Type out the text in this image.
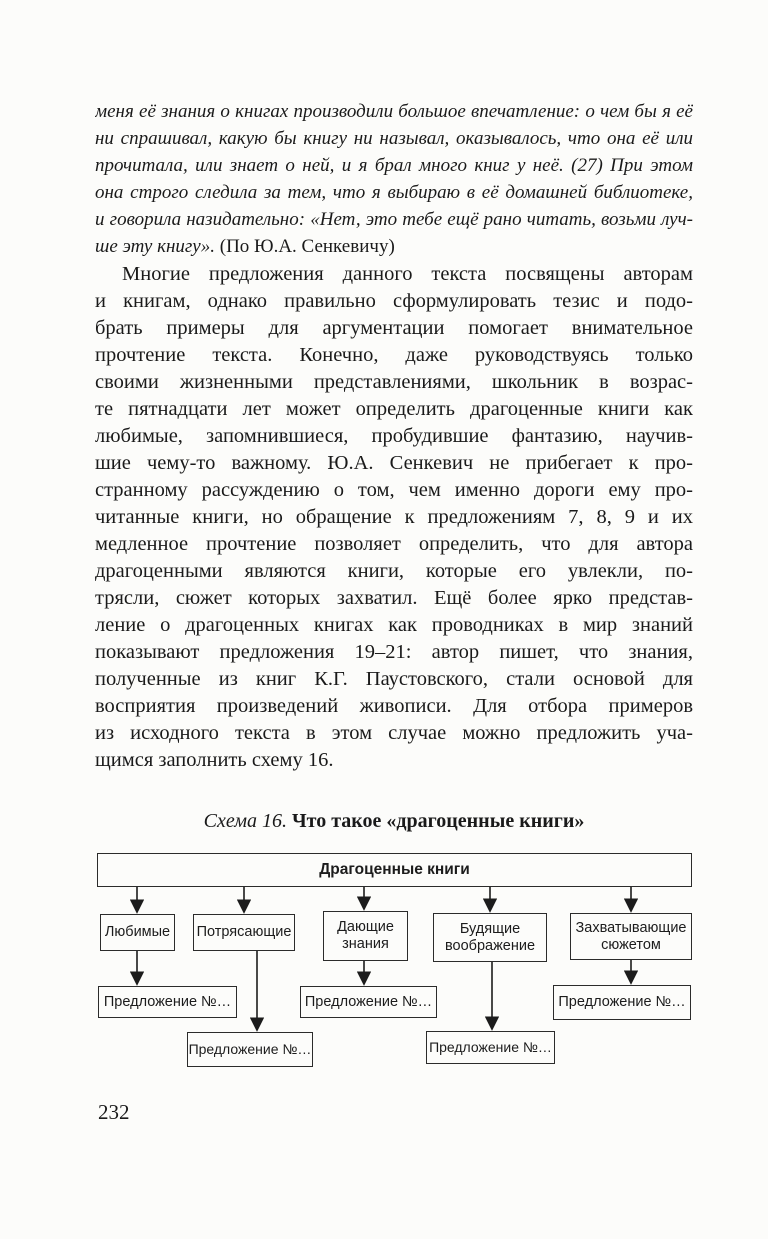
меня её знания о книгах производили большое впечатление: о чем бы я её
ни спрашивал, какую бы книгу ни называл, оказывалось, что она её или
прочитала, или знает о ней, и я брал много книг у неё. (27) При этом
она строго следила за тем, что я выбираю в её домашней библиотеке,
и говорила назидательно: «Нет, это тебе ещё рано читать, возьми луч-
ше эту книгу». (По Ю.А. Сенкевичу)
Многие предложения данного текста посвящены авторам
и книгам, однако правильно сформулировать тезис и подо-
брать примеры для аргументации помогает внимательное
прочтение текста. Конечно, даже руководствуясь только
своими жизненными представлениями, школьник в возрас-
те пятнадцати лет может определить драгоценные книги как
любимые, запомнившиеся, пробудившие фантазию, научив-
шие чему-то важному. Ю.А. Сенкевич не прибегает к про-
странному рассуждению о том, чем именно дороги ему про-
читанные книги, но обращение к предложениям 7, 8, 9 и их
медленное прочтение позволяет определить, что для автора
драгоценными являются книги, которые его увлекли, по-
трясли, сюжет которых захватил. Ещё более ярко представ-
ление о драгоценных книгах как проводниках в мир знаний
показывают предложения 19–21: автор пишет, что знания,
полученные из книг К.Г. Паустовского, стали основой для
восприятия произведений живописи. Для отбора примеров
из исходного текста в этом случае можно предложить уча-
щимся заполнить схему 16.
Схема 16. Что такое «драгоценные книги»
Драгоценные книги
Любимые	Потрясающие	Дающие знания
Будящие воображение
Захватывающие сюжетом
Предложение №…	Предложение №…	Предложение №…
Предложение №…	Предложение №…
232
